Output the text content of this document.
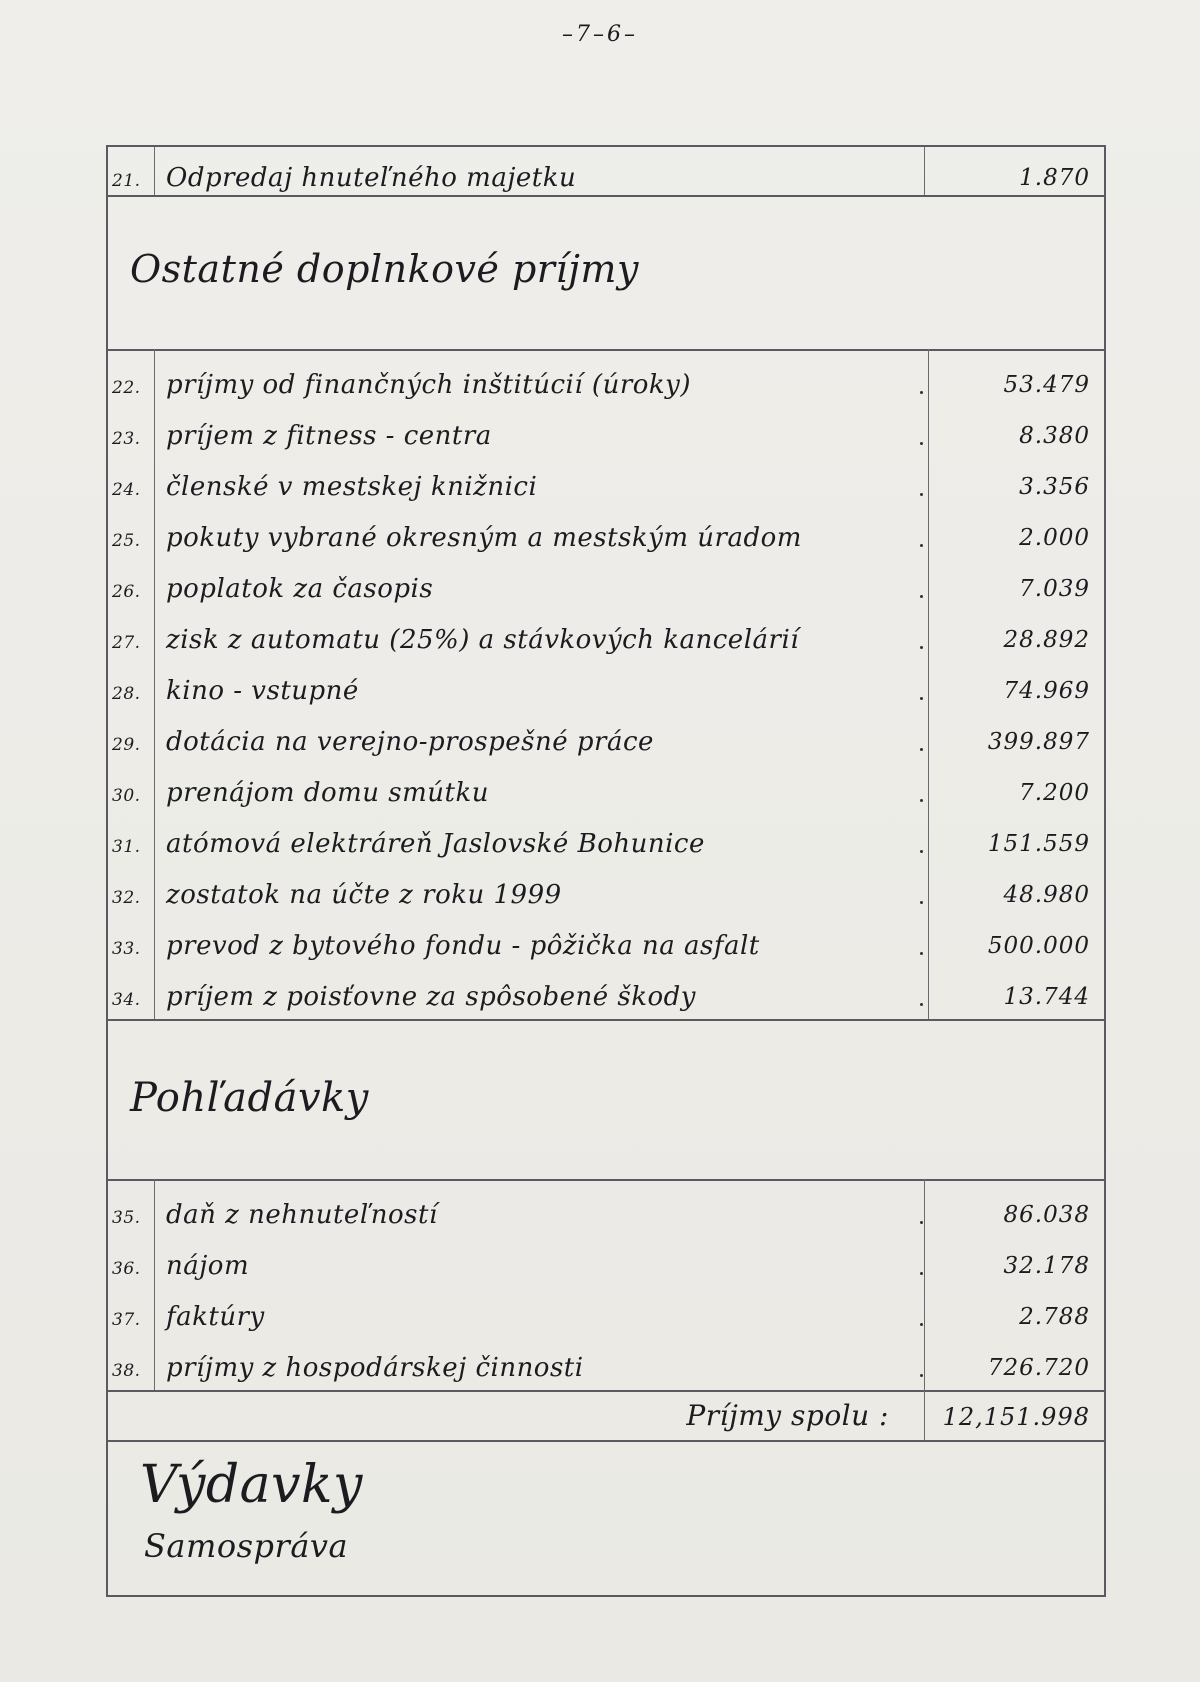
–7–6–
21. Odpredaj hnuteľného majetku	1.870
Ostatné doplnkové príjmy
22. príjmy od finančných inštitúcií (úroky)	53.479
23. príjem z fitness - centra	8.380
24. členské v mestskej knižnici	3.356
25. pokuty vybrané okresným a mestským úradom	2.000
26. poplatok za časopis	7.039
27. zisk z automatu (25%) a stávkových kancelárií	28.892
28. kino - vstupné	74.969
29. dotácia na verejno-prospešné práce	399.897
30. prenájom domu smútku	7.200
31. atómová elektráreň Jaslovské Bohunice	151.559
32. zostatok na účte z roku 1999	48.980
33. prevod z bytového fondu - pôžička na asfalt	500.000
34. príjem z poisťovne za spôsobené škody	13.744
Pohľadávky
35. daň z nehnuteľností	86.038
36. nájom	32.178
37. faktúry	2.788
38. príjmy z hospodárskej činnosti	726.720
Príjmy spolu : 12,151.998
Výdavky
Samospráva
